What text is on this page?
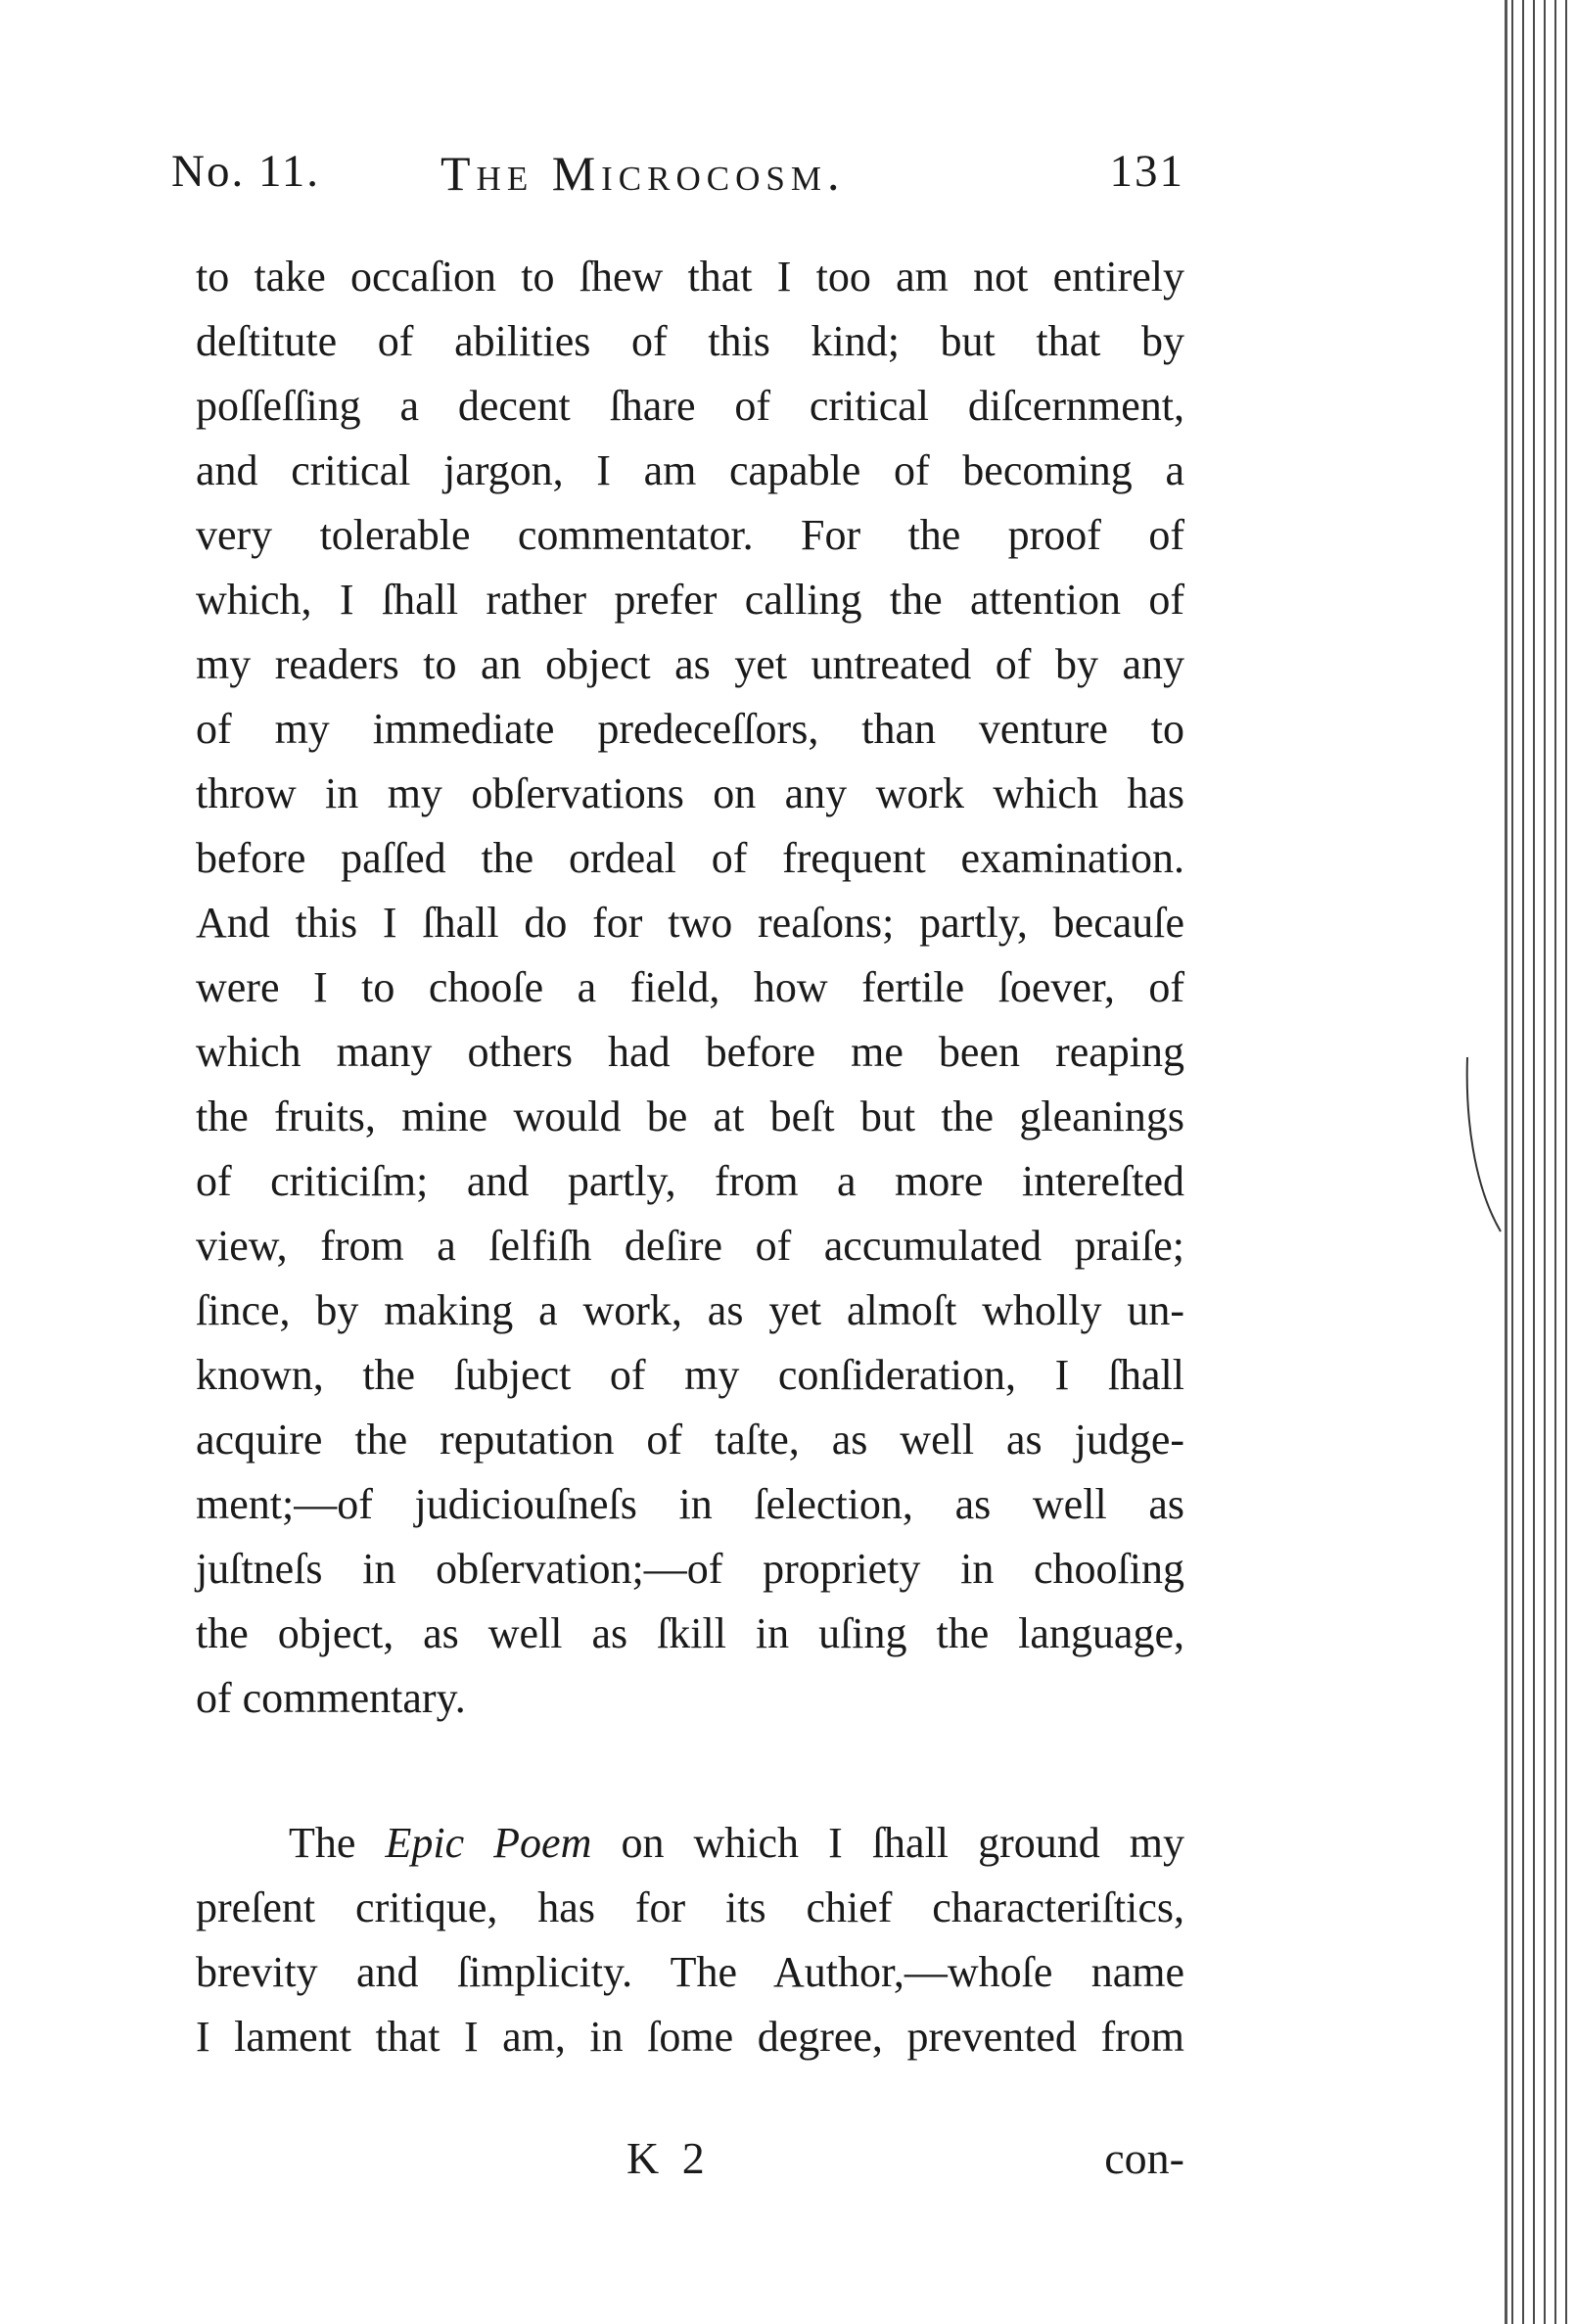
No. 11. The Microcosm.	131
to take occaſion to ſhew that I too am not entirely
deſtitute of abilities of this kind; but that by
poſſeſſing a decent ſhare of critical diſcernment,
and critical jargon, I am capable of becoming a
very tolerable commentator. For the proof of
which, I ſhall rather prefer calling the attention of
my readers to an object as yet untreated of by any
of my immediate predeceſſors, than venture to
throw in my obſervations on any work which has
before paſſed the ordeal of frequent examination.
And this I ſhall do for two reaſons; partly, becauſe
were I to chooſe a field, how fertile ſoever, of
which many others had before me been reaping
the fruits, mine would be at beſt but the gleanings
of criticiſm; and partly, from a more intereſted
view, from a ſelfiſh deſire of accumulated praiſe;
ſince, by making a work, as yet almoſt wholly un-
known, the ſubject of my conſideration, I ſhall
acquire the reputation of taſte, as well as judge-
ment;—of judiciouſneſs in ſelection, as well as
juſtneſs in obſervation;—of propriety in chooſing
the object, as well as ſkill in uſing the language,
of commentary.
The Epic Poem on which I ſhall ground my
preſent critique, has for its chief characteriſtics,
brevity and ſimplicity. The Author,—whoſe name
I lament that I am, in ſome degree, prevented from
K 2	con-
